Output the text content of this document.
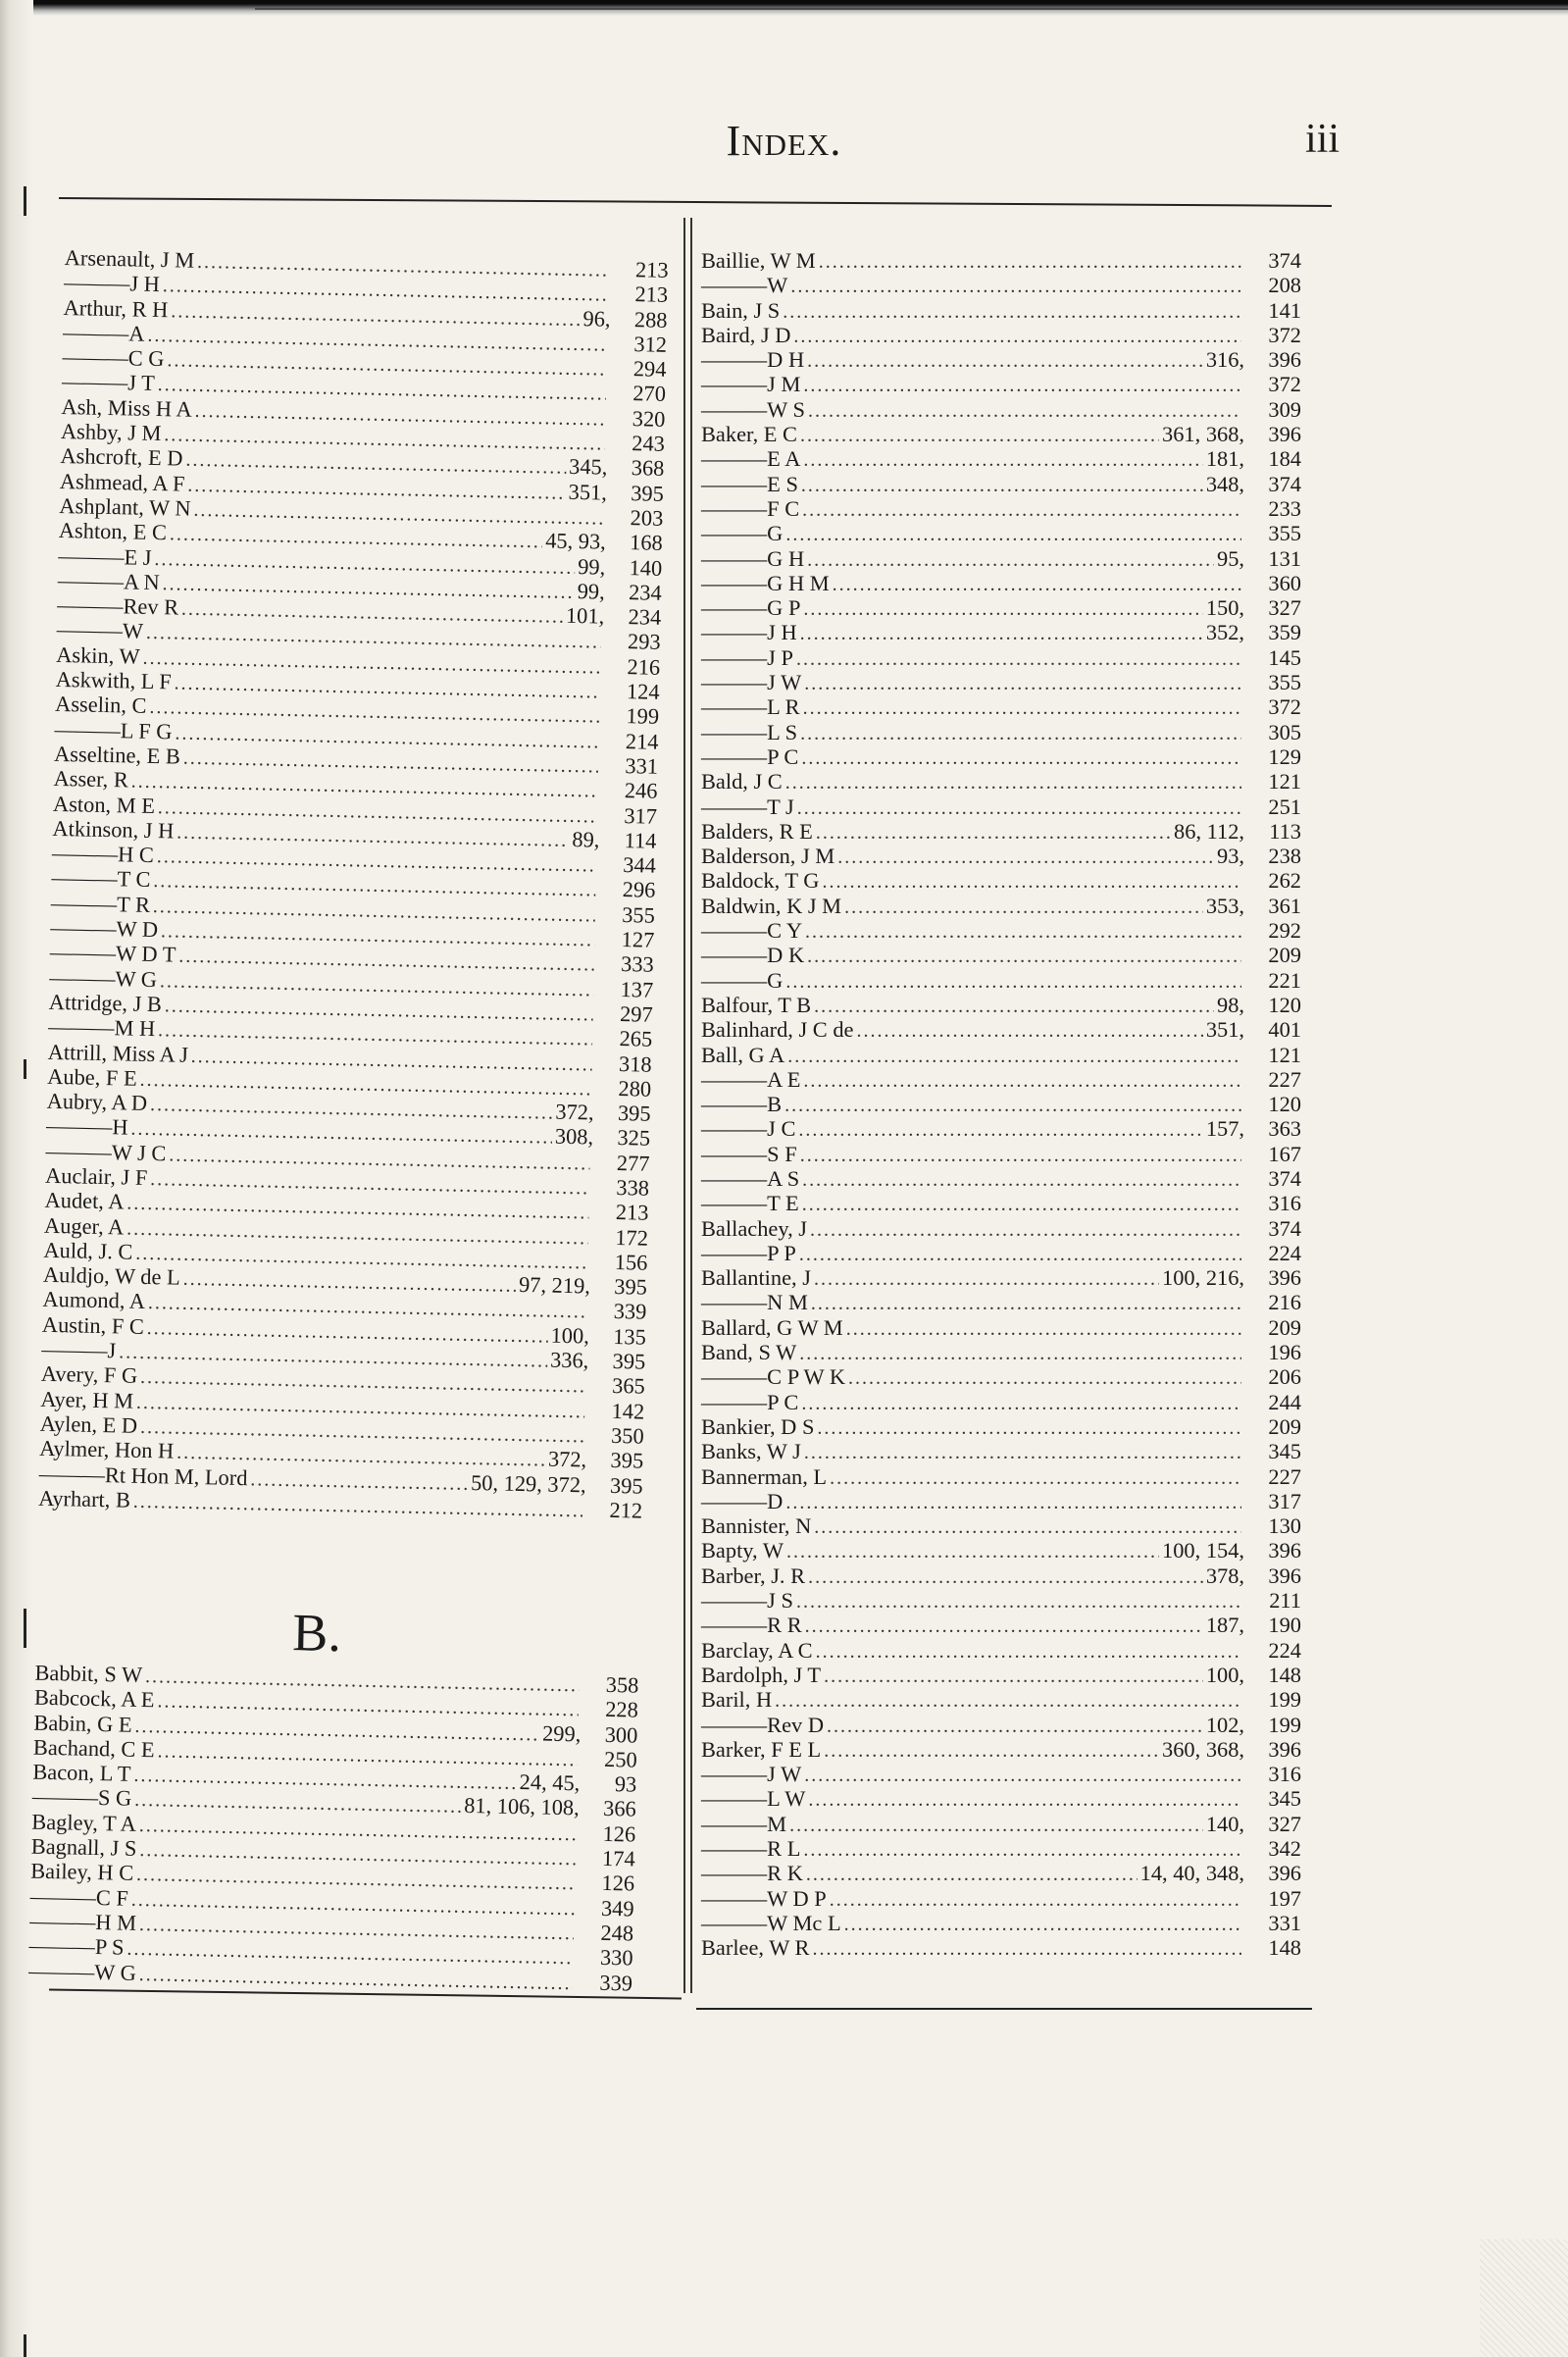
Index.	iii
Arsenault, J M .....	213
———J H .....	213
Arthur, R H .....	96,	288
———A .....	312
———C G .....	294
———J T .....	270
Ash, Miss H A .....	320
Ashby, J M .....	243
Ashcroft, E D .....	345,	368
Ashmead, A F .....	351,	395
Ashplant, W N .....	203
Ashton, E C .....	45, 93,	168
———E J .....	99,	140
———A N .....	99,	234
———Rev R .....	101,	234
———W .....	293
Askin, W .....	216
Askwith, L F .....	124
Asselin, C .....	199
———L F G .....	214
Asseltine, E B .....	331
Asser, R .....	246
Aston, M E .....	317
Atkinson, J H .....	89,	114
———H C .....	344
———T C .....	296
———T R .....	355
———W D .....	127
———W D T .....	333
———W G .....	137
Attridge, J B .....	297
———M H .....	265
Attrill, Miss A J .....	318
Aube, F E .....	280
Aubry, A D .....	372,	395
———H .....	308,	325
———W J C .....	277
Auclair, J F .....	338
Audet, A .....	213
Auger, A .....	172
Auld, J. C .....	156
Auldjo, W de L .....	97, 219,	395
Aumond, A .....	339
Austin, F C .....	100,	135
———J .....	336,	395
Avery, F G .....	365
Ayer, H M .....	142
Aylen, E D .....	350
Aylmer, Hon H .....	372,	395
———Rt Hon M, Lord .....	50, 129, 372,	395
Ayrhart, B .....	212
B.
Babbit, S W .....	358
Babcock, A E .....	228
Babin, G E .....	299,	300
Bachand, C E .....	250
Bacon, L T .....	24, 45,	93
———S G .....	81, 106, 108,	366
Bagley, T A .....	126
Bagnall, J S .....	174
Bailey, H C .....	126
———C F .....	349
———H M .....	248
———P S .....	330
———W G .....	339
Baillie, W M .....	374
———W .....	208
Bain, J S .....	141
Baird, J D .....	372
———D H .....	316,	396
———J M .....	372
———W S .....	309
Baker, E C .....	361, 368,	396
———E A .....	181,	184
———E S .....	348,	374
———F C .....	233
———G .....	355
———G H .....	95,	131
———G H M .....	360
———G P .....	150,	327
———J H .....	352,	359
———J P .....	145
———J W .....	355
———L R .....	372
———L S .....	305
———P C .....	129
Bald, J C .....	121
———T J .....	251
Balders, R E .....	86, 112,	113
Balderson, J M .....	93,	238
Baldock, T G .....	262
Baldwin, K J M .....	353,	361
———C Y .....	292
———D K .....	209
———G .....	221
Balfour, T B .....	98,	120
Balinhard, J C de .....	351,	401
Ball, G A .....	121
———A E .....	227
———B .....	120
———J C .....	157,	363
———S F .....	167
———A S .....	374
———T E .....	316
Ballachey, J .....	374
———P P .....	224
Ballantine, J .....	100, 216,	396
———N M .....	216
Ballard, G W M .....	209
Band, S W .....	196
———C P W K .....	206
———P C .....	244
Bankier, D S .....	209
Banks, W J .....	345
Bannerman, L .....	227
———D .....	317
Bannister, N .....	130
Bapty, W .....	100, 154,	396
Barber, J. R .....	378,	396
———J S .....	211
———R R .....	187,	190
Barclay, A C .....	224
Bardolph, J T .....	100,	148
Baril, H .....	199
———Rev D .....	102,	199
Barker, F E L .....	360, 368,	396
———J W .....	316
———L W .....	345
———M .....	140,	327
———R L .....	342
———R K .....	14, 40, 348,	396
———W D P .....	197
———W Mc L .....	331
Barlee, W R .....	148
